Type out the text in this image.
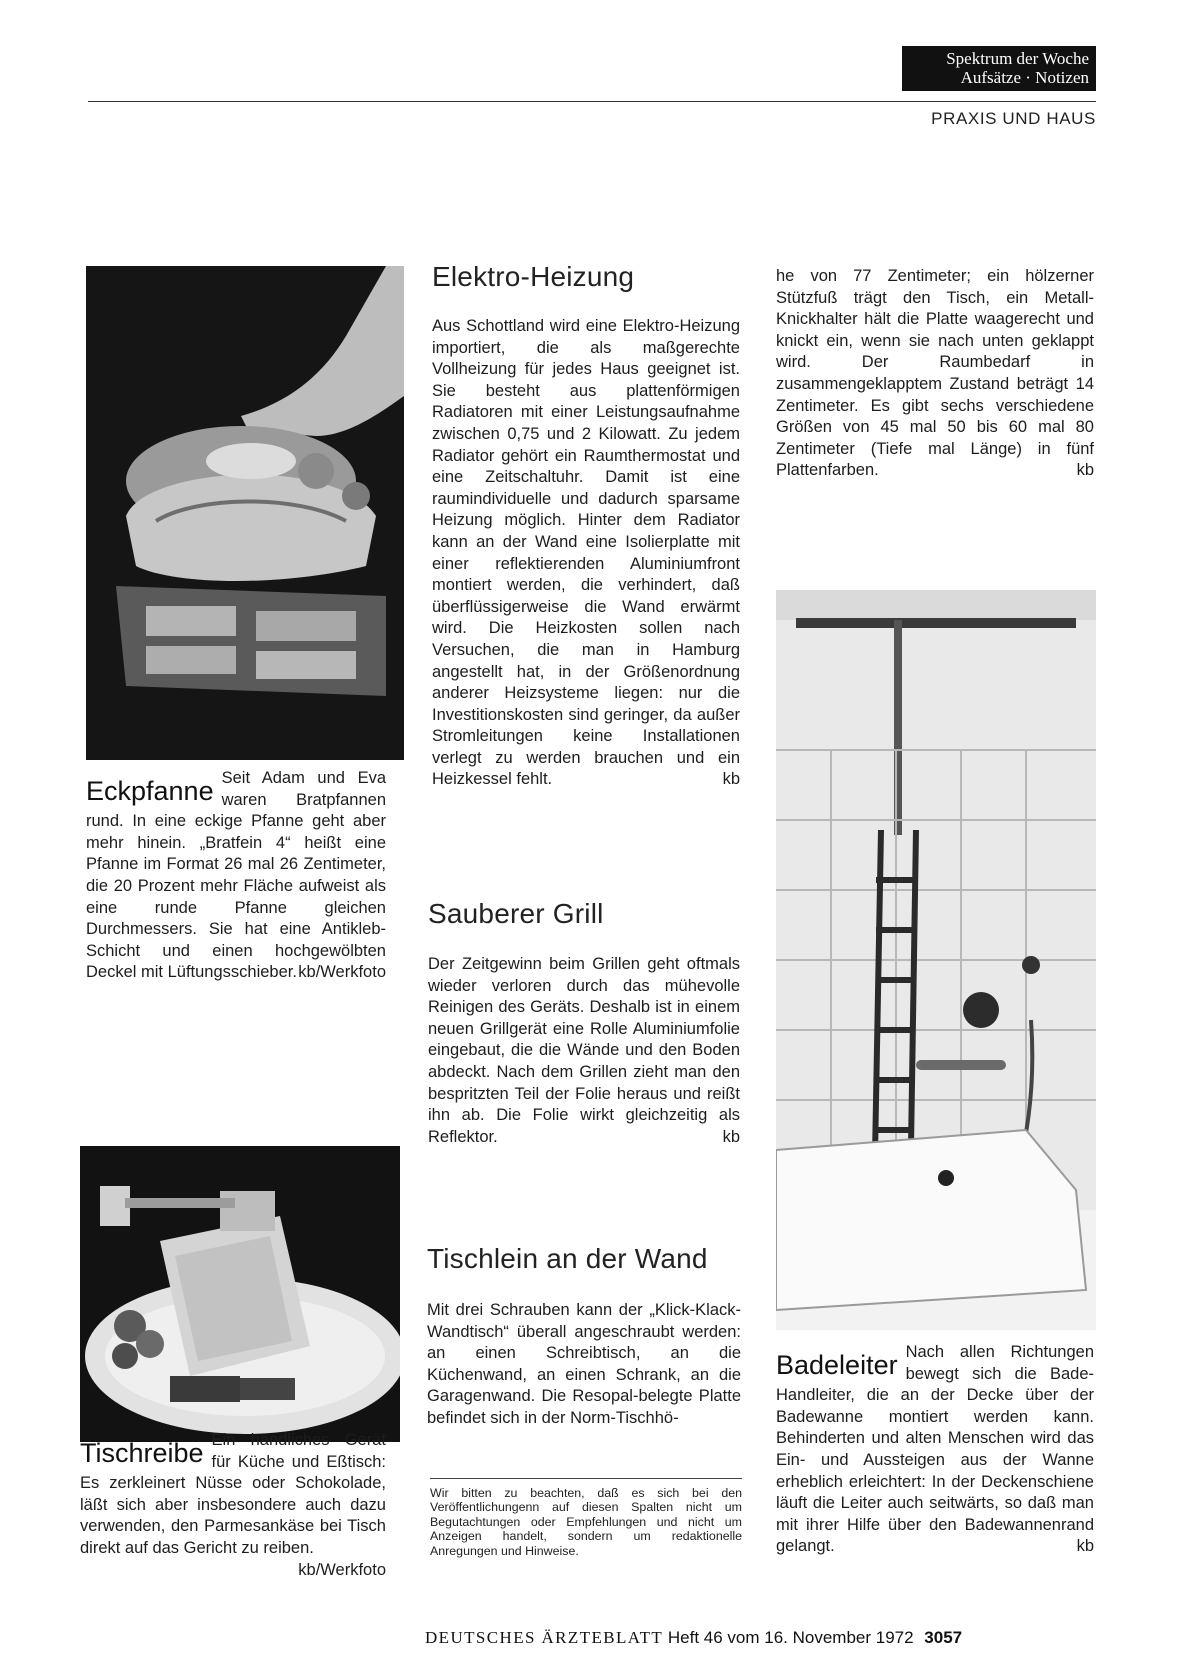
Spektrum der Woche
Aufsätze · Notizen
PRAXIS UND HAUS
Eckpfanne Seit Adam und Eva waren Bratpfannen rund. In eine eckige Pfanne geht aber mehr hinein. „Bratfein 4“ heißt eine Pfanne im Format 26 mal 26 Zentimeter, die 20 Prozent mehr Fläche aufweist als eine runde Pfanne gleichen Durchmessers. Sie hat eine Antikleb-Schicht und einen hochgewölbten Deckel mit Lüftungsschieber. kb/Werkfoto
Tischreibe Ein handliches Gerät für Küche und Eßtisch: Es zerkleinert Nüsse oder Schokolade, läßt sich aber insbesondere auch dazu verwenden, den Parmesankäse bei Tisch direkt auf das Gericht zu reiben.
kb/Werkfoto
Elektro-Heizung
Aus Schottland wird eine Elektro-Heizung importiert, die als maßgerechte Vollheizung für jedes Haus geeignet ist. Sie besteht aus plattenförmigen Radiatoren mit einer Leistungsaufnahme zwischen 0,75 und 2 Kilowatt. Zu jedem Radiator gehört ein Raumthermostat und eine Zeitschaltuhr. Damit ist eine raumindividuelle und dadurch sparsame Heizung möglich. Hinter dem Radiator kann an der Wand eine Isolierplatte mit einer reflektierenden Aluminiumfront montiert werden, die verhindert, daß überflüssigerweise die Wand erwärmt wird. Die Heizkosten sollen nach Versuchen, die man in Hamburg angestellt hat, in der Größenordnung anderer Heizsysteme liegen: nur die Investitionskosten sind geringer, da außer Stromleitungen keine Installationen verlegt zu werden brauchen und ein Heizkessel fehlt.	kb
Sauberer Grill
Der Zeitgewinn beim Grillen geht oftmals wieder verloren durch das mühevolle Reinigen des Geräts. Deshalb ist in einem neuen Grillgerät eine Rolle Aluminiumfolie eingebaut, die die Wände und den Boden abdeckt. Nach dem Grillen zieht man den bespritzten Teil der Folie heraus und reißt ihn ab. Die Folie wirkt gleichzeitig als Reflektor.	kb
Tischlein an der Wand
Mit drei Schrauben kann der „Klick-Klack-Wandtisch“ überall angeschraubt werden: an einen Schreibtisch, an die Küchenwand, an einen Schrank, an die Garagenwand. Die Resopal-belegte Platte befindet sich in der Norm-Tischhö-
he von 77 Zentimeter; ein hölzerner Stützfuß trägt den Tisch, ein Metall-Knickhalter hält die Platte waagerecht und knickt ein, wenn sie nach unten geklappt wird. Der Raumbedarf in zusammengeklapptem Zustand beträgt 14 Zentimeter. Es gibt sechs verschiedene Größen von 45 mal 50 bis 60 mal 80 Zentimeter (Tiefe mal Länge) in fünf Plattenfarben.	kb
Wir bitten zu beachten, daß es sich bei den Veröffentlichungenn auf diesen Spalten nicht um Begutachtungen oder Empfehlungen und nicht um Anzeigen handelt, sondern um redaktionelle Anregungen und Hinweise.
Badeleiter Nach allen Richtungen bewegt sich die Bade-Handleiter, die an der Decke über der Badewanne montiert werden kann. Behinderten und alten Menschen wird das Ein- und Aussteigen aus der Wanne erheblich erleichtert: In der Deckenschiene läuft die Leiter auch seitwärts, so daß man mit ihrer Hilfe über den Badewannenrand gelangt.	kb
DEUTSCHES ÄRZTEBLATT Heft 46 vom 16. November 1972 3057
